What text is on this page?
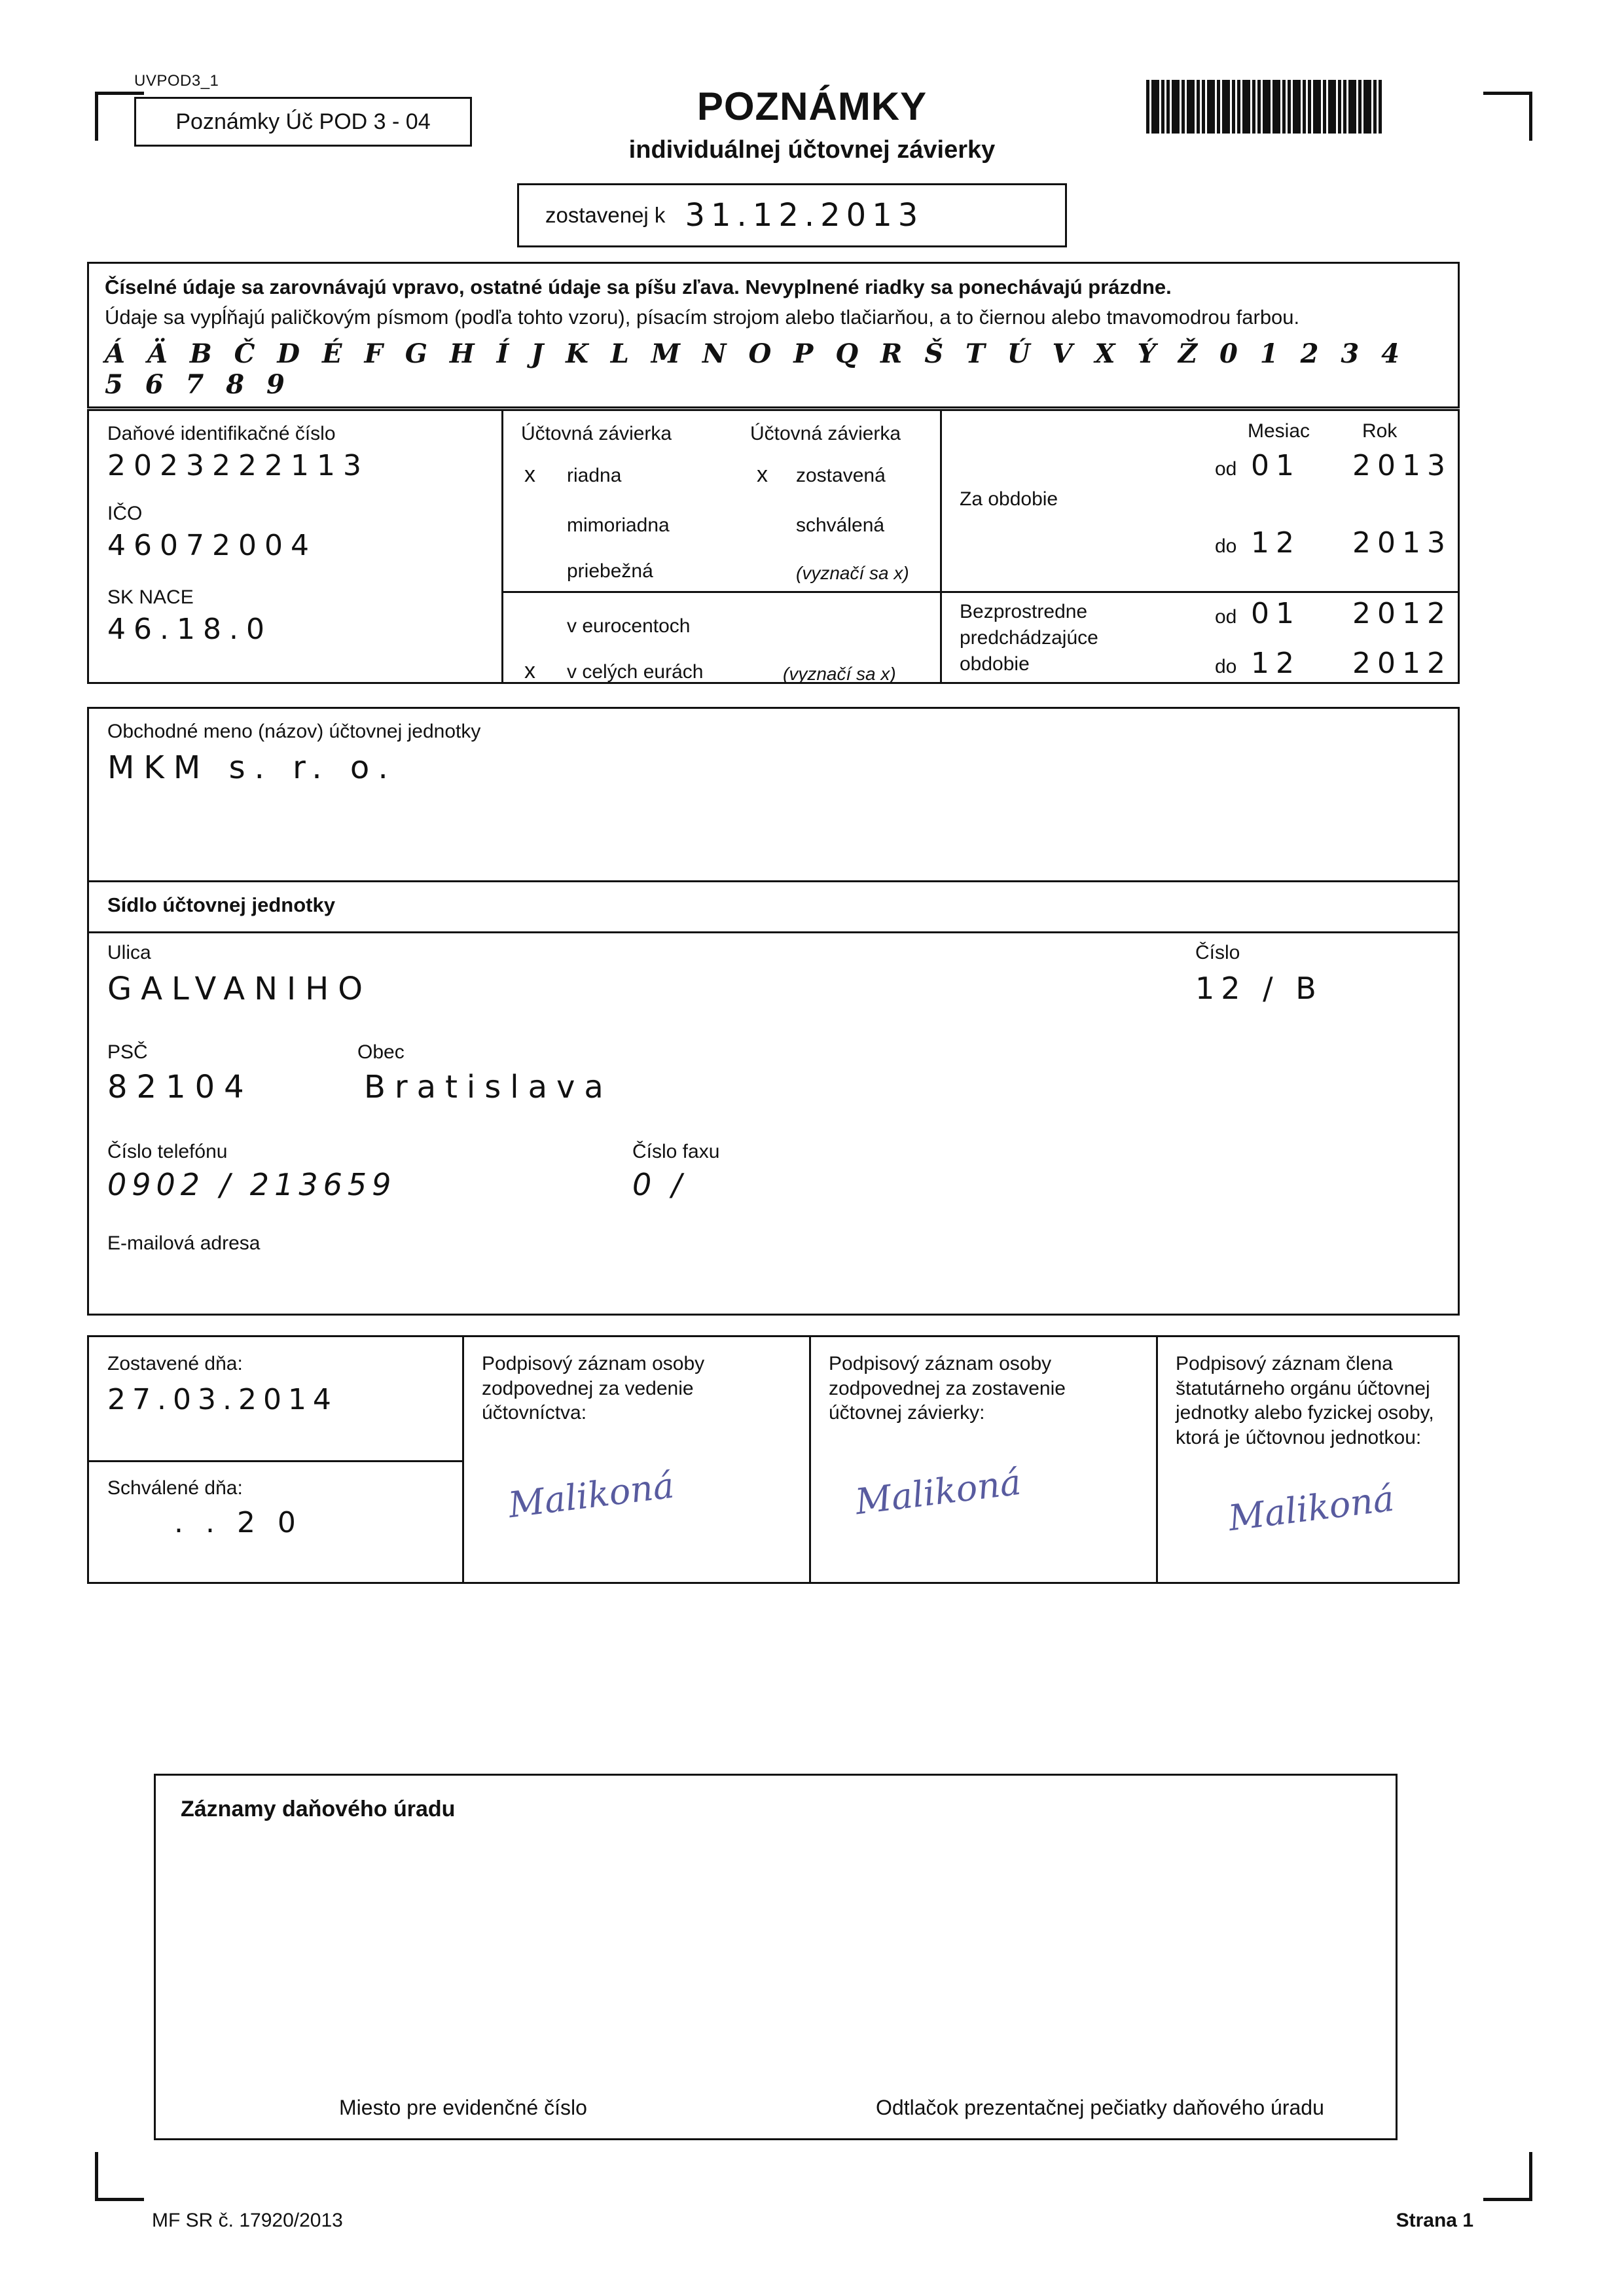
UVPOD3_1
Poznámky Úč POD 3 - 04	POZNÁMKY
individuálnej účtovnej závierky
zostavenej k 31.12.2013
Číselné údaje sa zarovnávajú vpravo, ostatné údaje sa píšu zľava. Nevyplnené riadky sa ponechávajú prázdne.
Údaje sa vypĺňajú paličkovým písmom (podľa tohto vzoru), písacím strojom alebo tlačiarňou, a to čiernou alebo tmavomodrou farbou.
Á Ä B Č D É F G H Í J K L M N O P Q R Š T Ú V X Ý Ž 0 1 2 3 4 5 6 7 8 9
Daňové identifikačné číslo
2023222113
IČO
46072004
SK NACE
46.18.0
Účtovná závierka	Účtovná závierka
x riadna	x zostavená
mimoriadna	schválená
priebežná	(vyznačí sa x)
v eurocentoch
x v celých eurách	(vyznačí sa x)
Mesiac	Rok
Za obdobie
od 01 2013
do 12 2013
Bezprostredne
predchádzajúce
obdobie
od 01 2012
do 12 2012
Obchodné meno (názov) účtovnej jednotky
MKM s. r. o.
Sídlo účtovnej jednotky
Ulica
GALVANIHO
Číslo
12 / B
PSČ	Obec
82104	Bratislava
Číslo telefónu	Číslo faxu
0902 / 213659	0 /
E-mailová adresa
Zostavené dňa:
27.03.2014
Schválené dňa:
. . 2 0
Podpisový záznam osoby zodpovednej za vedenie účtovníctva:
Podpisový záznam osoby zodpovednej za zostavenie účtovnej závierky:
Podpisový záznam člena štatutárneho orgánu účtovnej jednotky alebo fyzickej osoby, ktorá je účtovnou jednotkou:
Malikoná	Malikoná	Malikoná
Záznamy daňového úradu
Miesto pre evidenčné číslo	Odtlačok prezentačnej pečiatky daňového úradu
MF SR č. 17920/2013	Strana 1
